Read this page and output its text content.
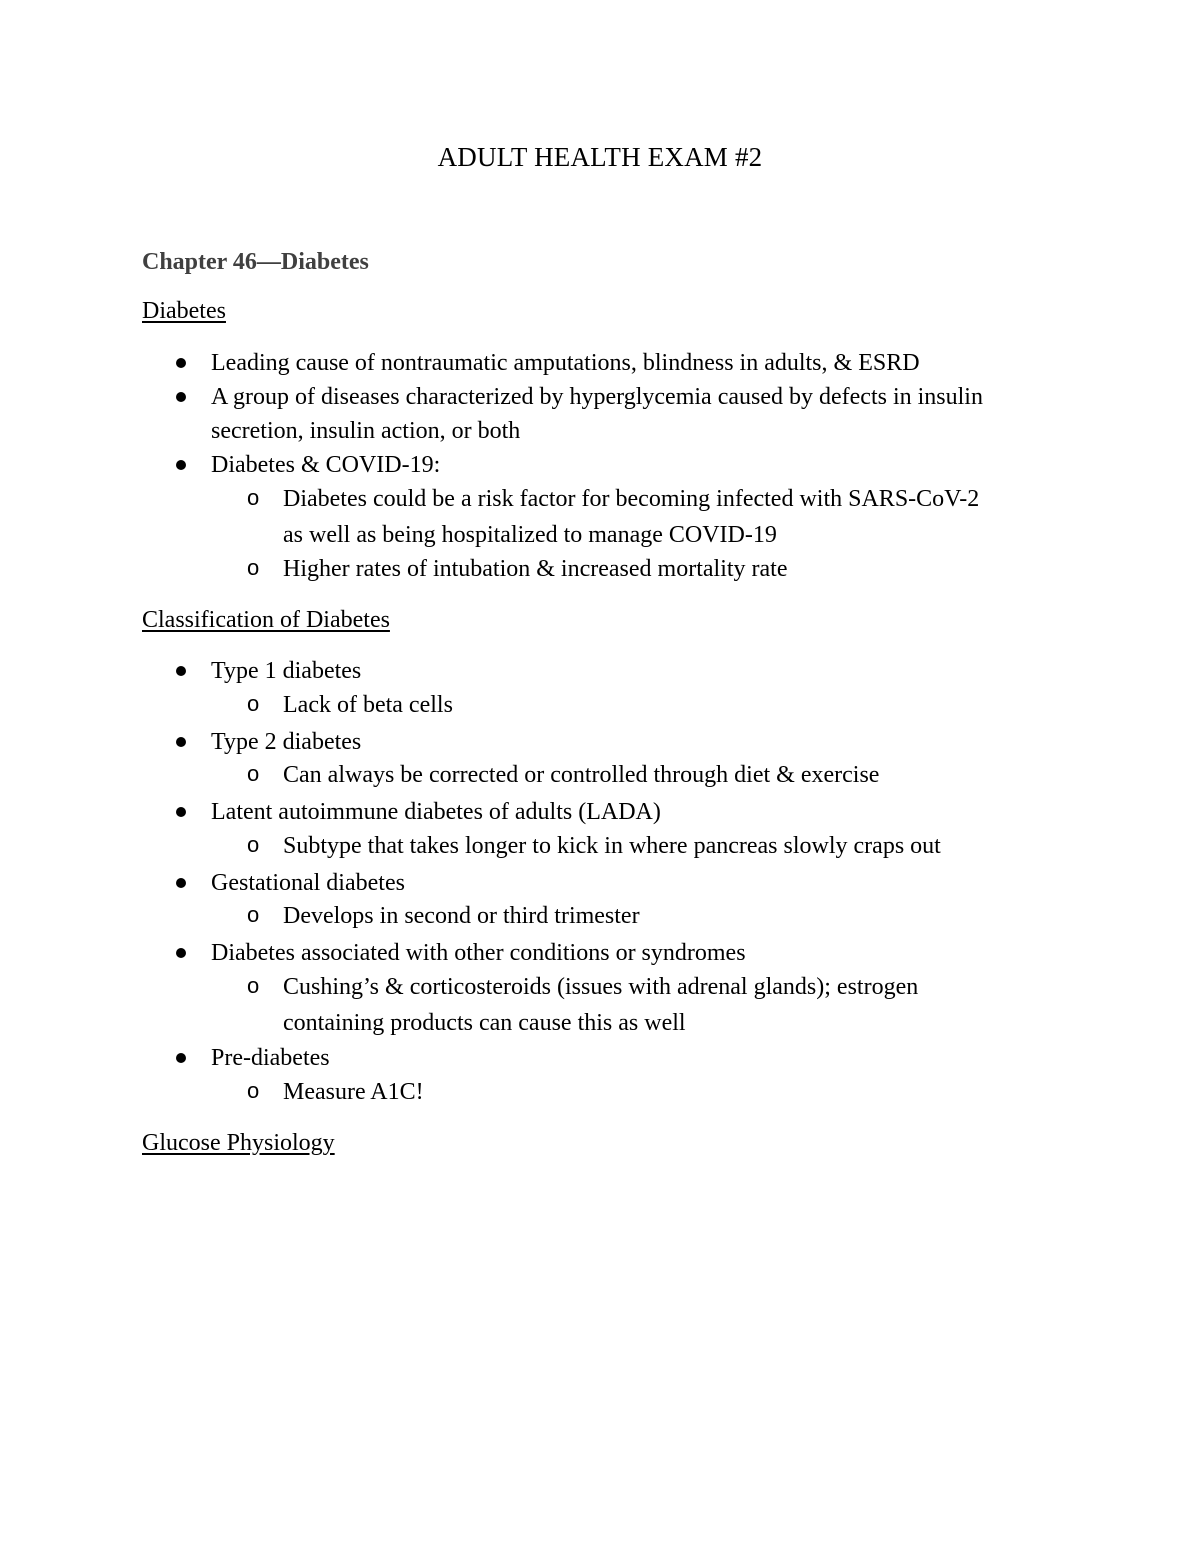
ADULT HEALTH EXAM #2
Chapter 46—Diabetes
Diabetes

Leading cause of nontraumatic amputations, blindness in adults, & ESRD

A group of diseases characterized by hyperglycemia caused by defects in insulin secretion, insulin action, or both

Diabetes & COVID-19:

o Diabetes could be a risk factor for becoming infected with SARS-CoV-2 as well as being hospitalized to manage COVID-19

o Higher rates of intubation & increased mortality rate

Classification of Diabetes

Type 1 diabetes

o Lack of beta cells

Type 2 diabetes

o Can always be corrected or controlled through diet & exercise

Latent autoimmune diabetes of adults (LADA)

o Subtype that takes longer to kick in where pancreas slowly craps out

Gestational diabetes

o Develops in second or third trimester

Diabetes associated with other conditions or syndromes

o Cushing’s & corticosteroids (issues with adrenal glands); estrogen containing products can cause this as well

Pre-diabetes

o Measure A1C!

Glucose Physiology
